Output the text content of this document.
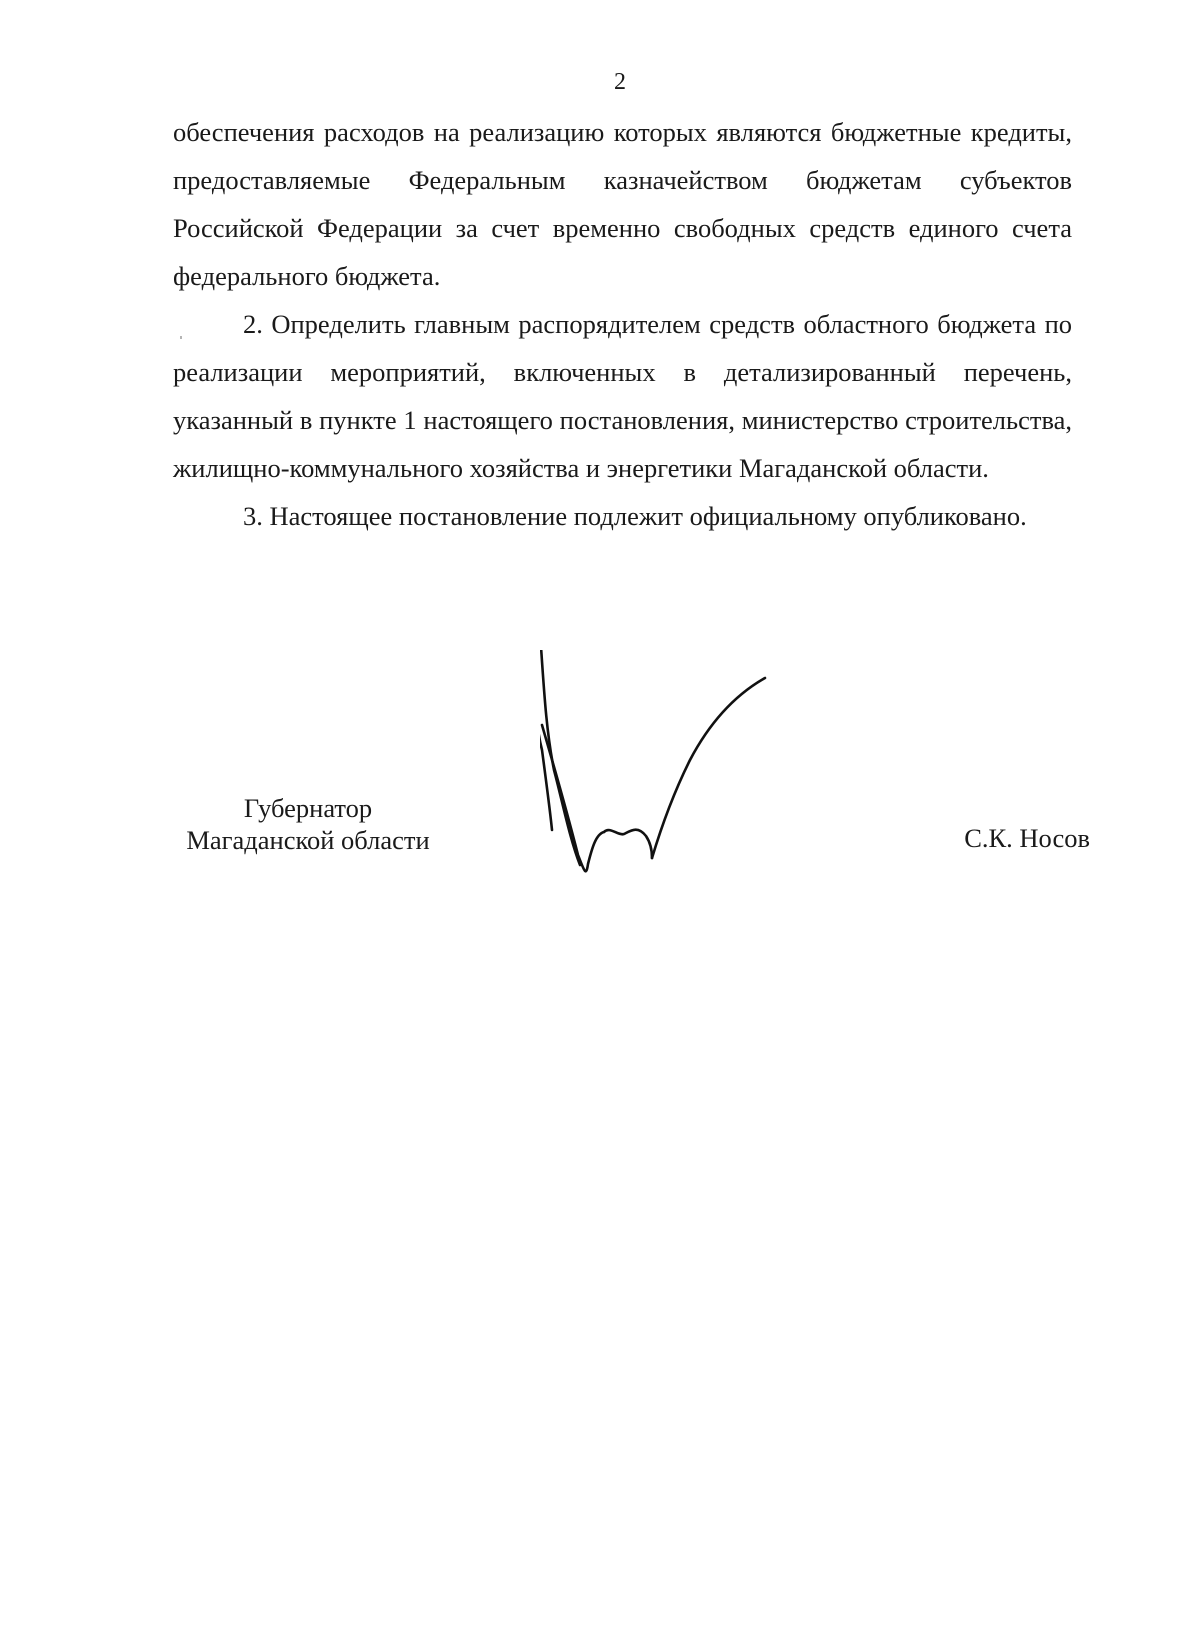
2

обеспечения расходов на реализацию которых являются бюджетные кредиты, предоставляемые Федеральным казначейством бюджетам субъектов Российской Федерации за счет временно свободных средств единого счета федерального бюджета.

2. Определить главным распорядителем средств областного бюджета по реализации мероприятий, включенных в детализированный перечень, указанный в пункте 1 настоящего постановления, министерство строительства, жилищно-коммунального хозяйства и энергетики Магаданской области.

3. Настоящее постановление подлежит официальному опубликовано.

Губернатор
Магаданской области	С.К. Носов
